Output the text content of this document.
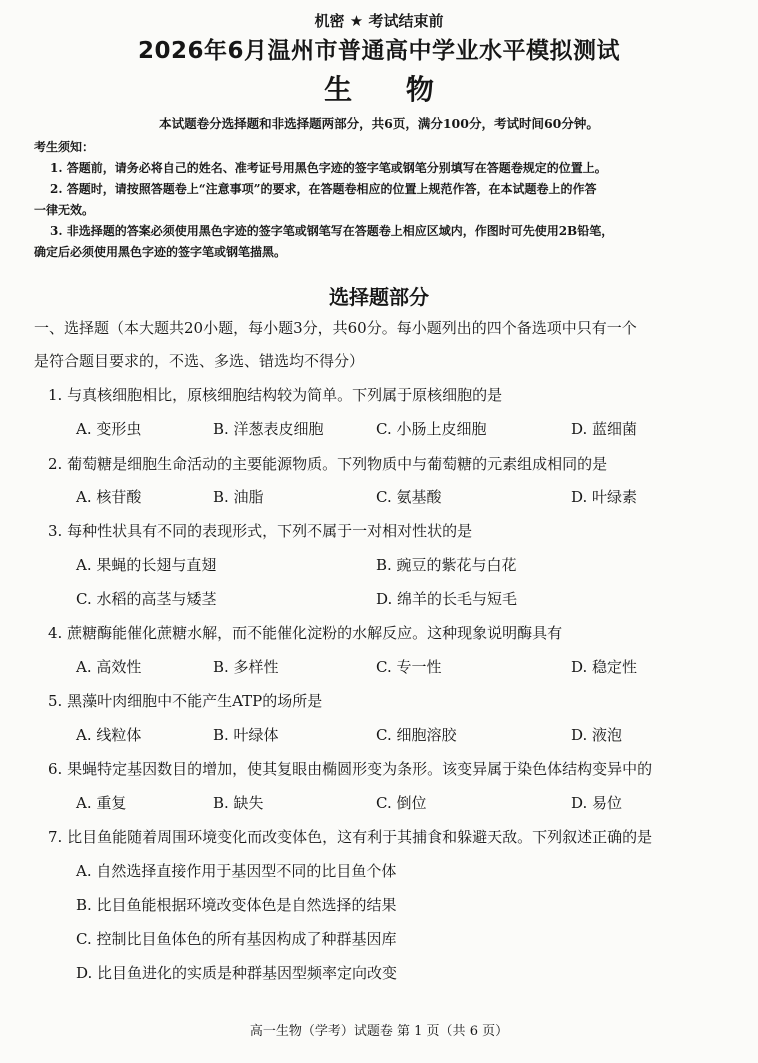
机密 ★ 考试结束前
2026年6月温州市普通高中学业水平模拟测试
生 物
本试题卷分选择题和非选择题两部分，共6页，满分100分，考试时间60分钟。
考生须知：
1. 答题前，请务必将自己的姓名、准考证号用黑色字迹的签字笔或钢笔分别填写在答题卷规定的位置上。
2. 答题时，请按照答题卷上“注意事项”的要求，在答题卷相应的位置上规范作答，在本试题卷上的作答
一律无效。
3. 非选择题的答案必须使用黑色字迹的签字笔或钢笔写在答题卷上相应区域内，作图时可先使用2B铅笔，
确定后必须使用黑色字迹的签字笔或钢笔描黑。
选择题部分
一、选择题（本大题共20小题，每小题3分，共60分。每小题列出的四个备选项中只有一个
是符合题目要求的，不选、多选、错选均不得分）
1. 与真核细胞相比，原核细胞结构较为简单。下列属于原核细胞的是
A. 变形虫	B. 洋葱表皮细胞	C. 小肠上皮细胞	D. 蓝细菌
2. 葡萄糖是细胞生命活动的主要能源物质。下列物质中与葡萄糖的元素组成相同的是
A. 核苷酸	B. 油脂	C. 氨基酸	D. 叶绿素
3. 每种性状具有不同的表现形式，下列不属于一对相对性状的是
A. 果蝇的长翅与直翅	B. 豌豆的紫花与白花
C. 水稻的高茎与矮茎	D. 绵羊的长毛与短毛
4. 蔗糖酶能催化蔗糖水解，而不能催化淀粉的水解反应。这种现象说明酶具有
A. 高效性	B. 多样性	C. 专一性	D. 稳定性
5. 黑藻叶肉细胞中不能产生ATP的场所是
A. 线粒体	B. 叶绿体	C. 细胞溶胶	D. 液泡
6. 果蝇特定基因数目的增加，使其复眼由椭圆形变为条形。该变异属于染色体结构变异中的
A. 重复	B. 缺失	C. 倒位	D. 易位
7. 比目鱼能随着周围环境变化而改变体色，这有利于其捕食和躲避天敌。下列叙述正确的是
A. 自然选择直接作用于基因型不同的比目鱼个体
B. 比目鱼能根据环境改变体色是自然选择的结果
C. 控制比目鱼体色的所有基因构成了种群基因库
D. 比目鱼进化的实质是种群基因型频率定向改变
高一生物（学考）试题卷 第 1 页（共 6 页）
